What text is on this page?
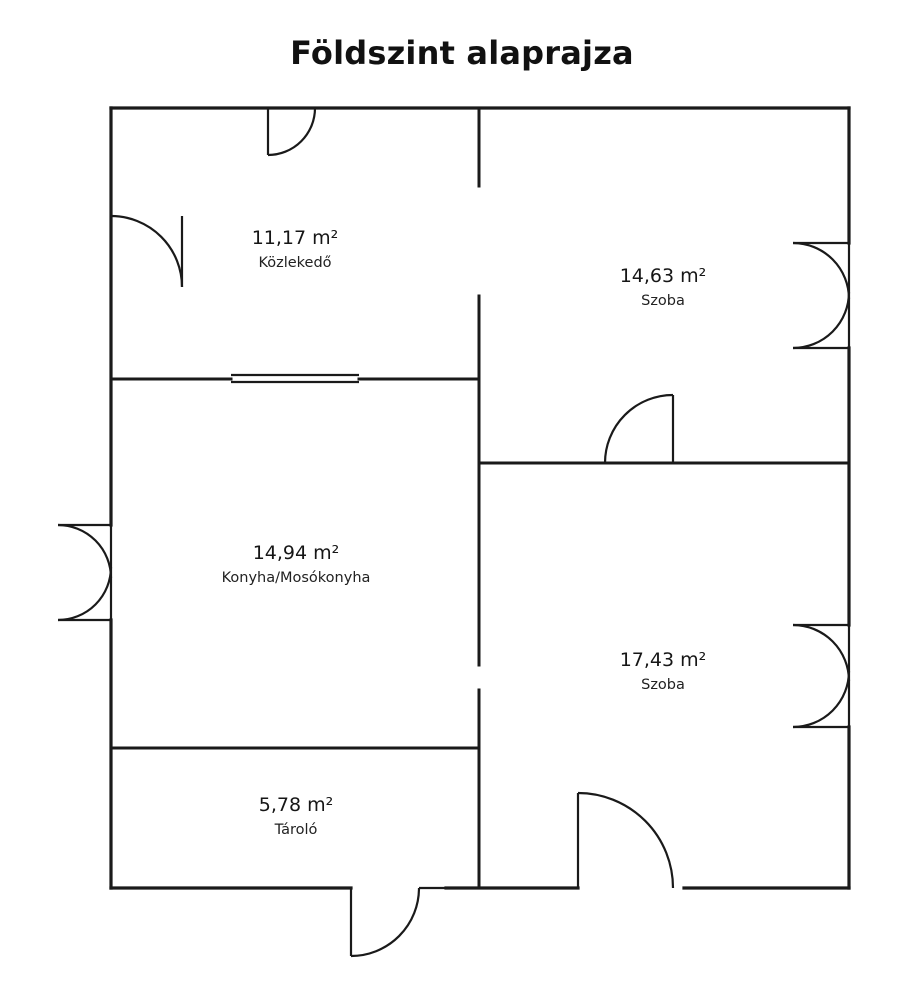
Földszint alaprajza
11,17 m²
Közlekedő
14,63 m²
Szoba
14,94 m²
Konyha/Mosókonyha
17,43 m²
Szoba
5,78 m²
Tároló
